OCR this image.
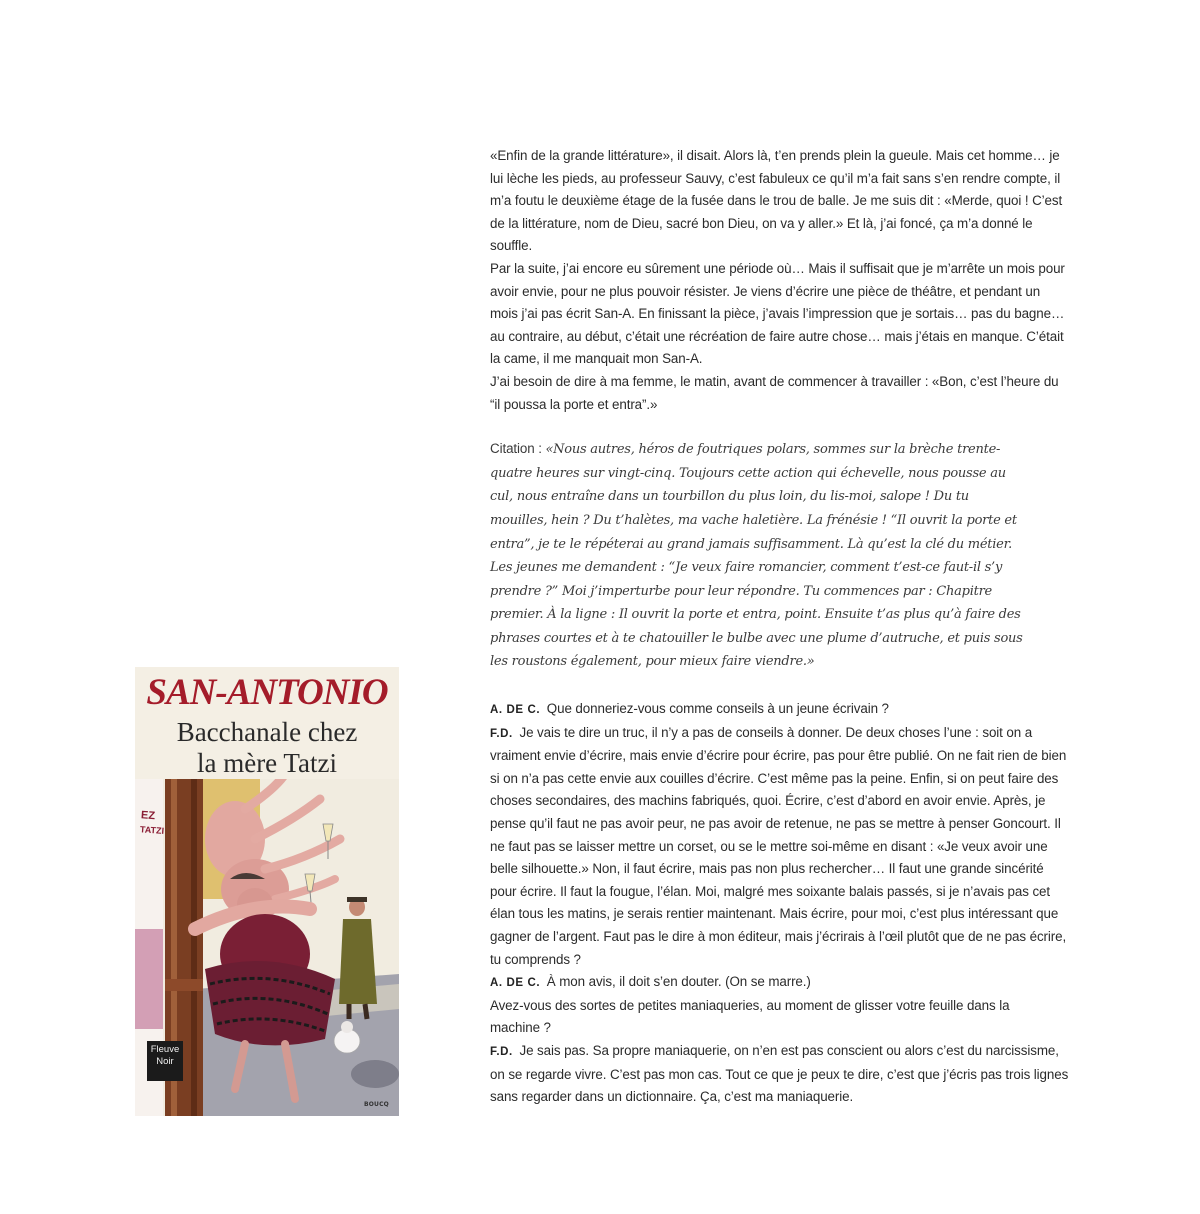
SAN-ANTONIO
Bacchanale chez
la mère Tatzi
EZ
TATZI
Fleuve
Noir
BOUCQ

«Enfin de la grande littérature», il disait. Alors là, t’en prends plein la gueule. Mais cet homme… je lui lèche les pieds, au professeur Sauvy, c’est fabuleux ce qu’il m’a fait sans s’en rendre compte, il m’a foutu le deuxième étage de la fusée dans le trou de balle. Je me suis dit : «Merde, quoi ! C’est de la littérature, nom de Dieu, sacré bon Dieu, on va y aller.» Et là, j’ai foncé, ça m’a donné le souffle.

Par la suite, j’ai encore eu sûrement une période où… Mais il suffisait que je m’arrête un mois pour avoir envie, pour ne plus pouvoir résister. Je viens d’écrire une pièce de théâtre, et pendant un mois j’ai pas écrit San-A. En finissant la pièce, j’avais l’impression que je sortais… pas du bagne… au contraire, au début, c’était une récréation de faire autre chose… mais j’étais en manque. C’était la came, il me manquait mon San-A.

J’ai besoin de dire à ma femme, le matin, avant de commencer à travailler : «Bon, c’est l’heure du “il poussa la porte et entra”.»

Citation : «Nous autres, héros de foutriques polars, sommes sur la brèche trente-quatre heures sur vingt-cinq. Toujours cette action qui échevelle, nous pousse au cul, nous entraîne dans un tourbillon du plus loin, du lis-moi, salope ! Du tu mouilles, hein ? Du t’halètes, ma vache haletière. La frénésie ! “Il ouvrit la porte et entra”, je te le répéterai au grand jamais suffisamment. Là qu’est la clé du métier. Les jeunes me demandent : “Je veux faire romancier, comment t’est-ce faut-il s’y prendre ?” Moi j’imperturbe pour leur répondre. Tu commences par : Chapitre premier. À la ligne : Il ouvrit la porte et entra, point. Ensuite t’as plus qu’à faire des phrases courtes et à te chatouiller le bulbe avec une plume d’autruche, et puis sous les roustons également, pour mieux faire viendre.»

A. DE C. Que donneriez-vous comme conseils à un jeune écrivain ?

F.D. Je vais te dire un truc, il n’y a pas de conseils à donner. De deux choses l’une : soit on a vraiment envie d’écrire, mais envie d’écrire pour écrire, pas pour être publié. On ne fait rien de bien si on n’a pas cette envie aux couilles d’écrire. C’est même pas la peine. Enfin, si on peut faire des choses secondaires, des machins fabriqués, quoi. Écrire, c’est d’abord en avoir envie. Après, je pense qu’il faut ne pas avoir peur, ne pas avoir de retenue, ne pas se mettre à penser Goncourt. Il ne faut pas se laisser mettre un corset, ou se le mettre soi-même en disant : «Je veux avoir une belle silhouette.» Non, il faut écrire, mais pas non plus rechercher… Il faut une grande sincérité pour écrire. Il faut la fougue, l’élan. Moi, malgré mes soixante balais passés, si je n’avais pas cet élan tous les matins, je serais rentier maintenant. Mais écrire, pour moi, c’est plus intéressant que gagner de l’argent. Faut pas le dire à mon éditeur, mais j’écrirais à l’œil plutôt que de ne pas écrire, tu comprends ?

A. DE C. À mon avis, il doit s’en douter. (On se marre.)

Avez-vous des sortes de petites maniaqueries, au moment de glisser votre feuille dans la machine ?

F.D. Je sais pas. Sa propre maniaquerie, on n’en est pas conscient ou alors c’est du narcissisme, on se regarde vivre. C’est pas mon cas. Tout ce que je peux te dire, c’est que j’écris pas trois lignes sans regarder dans un dictionnaire. Ça, c’est ma maniaquerie.
